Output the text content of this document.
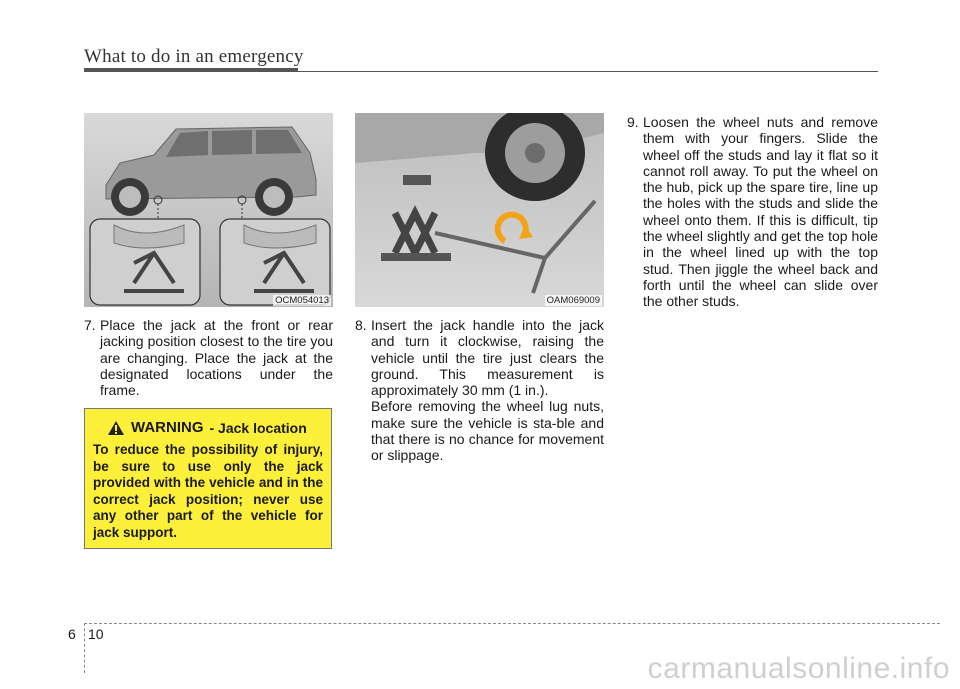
What to do in an emergency
OCM054013	OAM069009
7. Place the jack at the front or rear jacking position closest to the tire you are changing. Place the jack at the designated locations under the frame.
8. Insert the jack handle into the jack and turn it clockwise, raising the vehicle until the tire just clears the ground. This measurement is approximately 30 mm (1 in.).
Before removing the wheel lug nuts, make sure the vehicle is sta-ble and that there is no chance for movement or slippage.
9. Loosen the wheel nuts and remove them with your fingers. Slide the wheel off the studs and lay it flat so it cannot roll away. To put the wheel on the hub, pick up the spare tire, line up the holes with the studs and slide the wheel onto them. If this is difficult, tip the wheel slightly and get the top hole in the wheel lined up with the top stud. Then jiggle the wheel back and forth until the wheel can slide over the other studs.
WARNING - Jack location
To reduce the possibility of injury, be sure to use only the jack provided with the vehicle and in the correct jack position; never use any other part of the vehicle for jack support.
6 10
carmanualsonline.info
